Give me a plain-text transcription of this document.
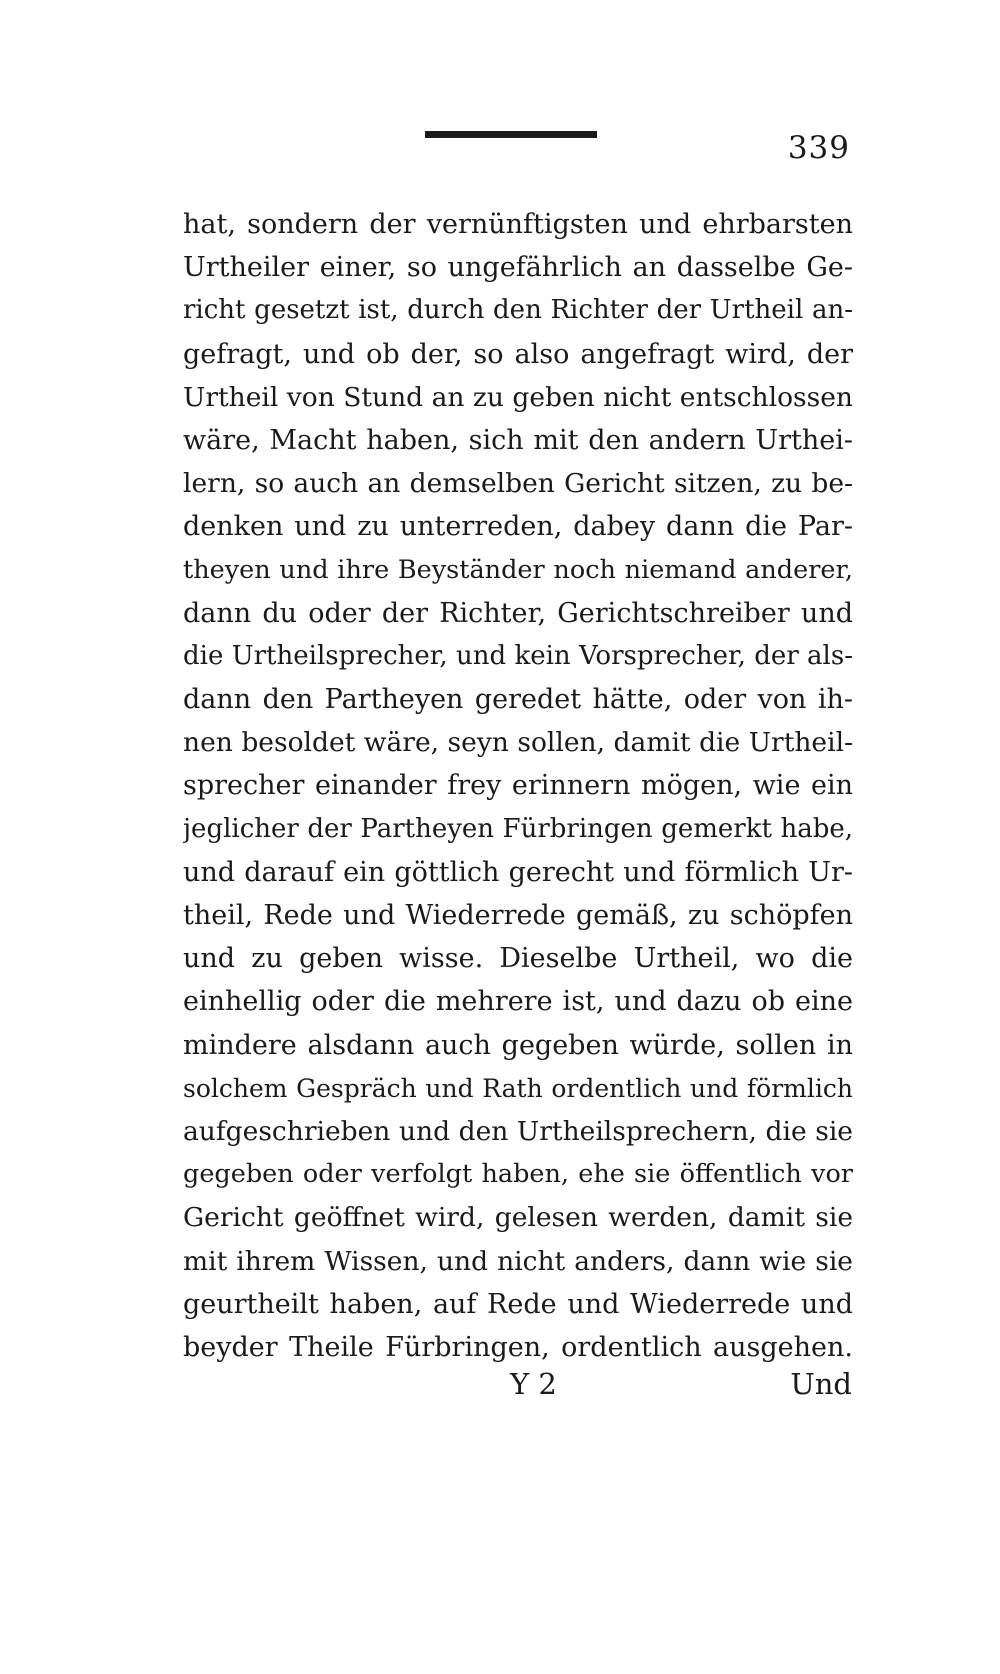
339
hat, sondern der vernünftigsten und ehrbarsten
Urtheiler einer, so ungefährlich an dasselbe Ge-
richt gesetzt ist, durch den Richter der Urtheil an-
gefragt, und ob der, so also angefragt wird, der
Urtheil von Stund an zu geben nicht entschlossen
wäre, Macht haben, sich mit den andern Urthei-
lern, so auch an demselben Gericht sitzen, zu be-
denken und zu unterreden, dabey dann die Par-
theyen und ihre Beyständer noch niemand anderer,
dann du oder der Richter, Gerichtschreiber und
die Urtheilsprecher, und kein Vorsprecher, der als-
dann den Partheyen geredet hätte, oder von ih-
nen besoldet wäre, seyn sollen, damit die Urtheil-
sprecher einander frey erinnern mögen, wie ein
jeglicher der Partheyen Fürbringen gemerkt habe,
und darauf ein göttlich gerecht und förmlich Ur-
theil, Rede und Wiederrede gemäß, zu schöpfen
und zu geben wisse. Dieselbe Urtheil, wo die
einhellig oder die mehrere ist, und dazu ob eine
mindere alsdann auch gegeben würde, sollen in
solchem Gespräch und Rath ordentlich und förmlich
aufgeschrieben und den Urtheilsprechern, die sie
gegeben oder verfolgt haben, ehe sie öffentlich vor
Gericht geöffnet wird, gelesen werden, damit sie
mit ihrem Wissen, und nicht anders, dann wie sie
geurtheilt haben, auf Rede und Wiederrede und
beyder Theile Fürbringen, ordentlich ausgehen.
Y 2	Und
